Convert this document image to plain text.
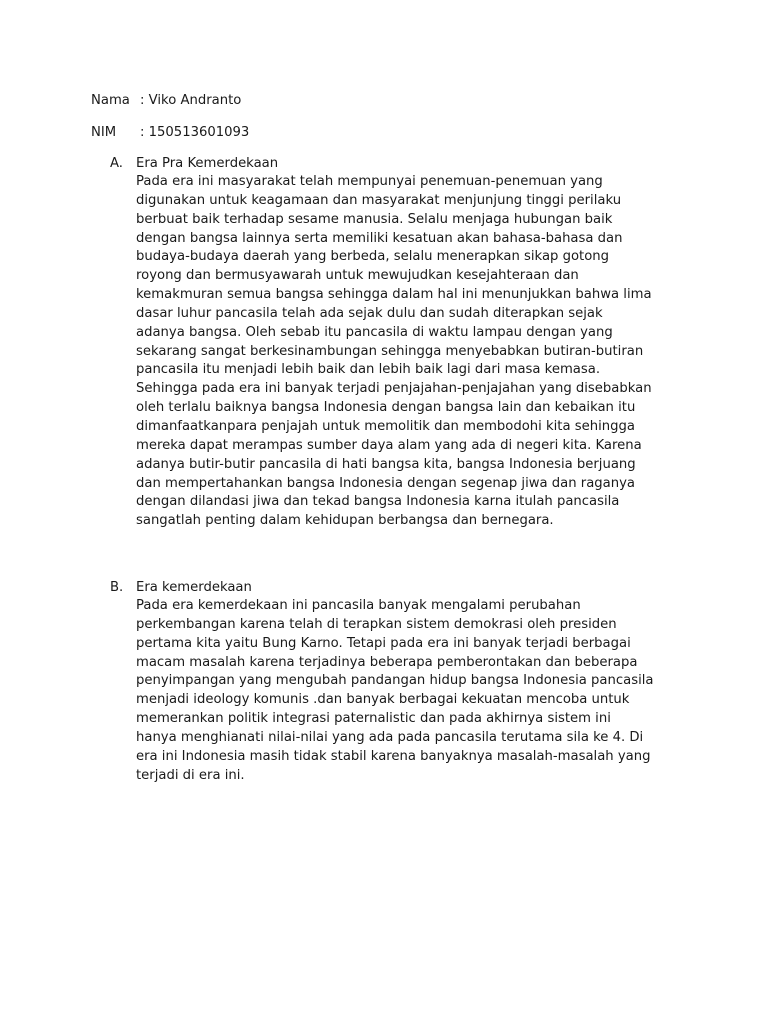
Nama : Viko Andranto
NIM : 150513601093
A. Era Pra Kemerdekaan
Pada era ini masyarakat telah mempunyai penemuan-penemuan yang
digunakan untuk keagamaan dan masyarakat menjunjung tinggi perilaku
berbuat baik terhadap sesame manusia. Selalu menjaga hubungan baik
dengan bangsa lainnya serta memiliki kesatuan akan bahasa-bahasa dan
budaya-budaya daerah yang berbeda, selalu menerapkan sikap gotong
royong dan bermusyawarah untuk mewujudkan kesejahteraan dan
kemakmuran semua bangsa sehingga dalam hal ini menunjukkan bahwa lima
dasar luhur pancasila telah ada sejak dulu dan sudah diterapkan sejak
adanya bangsa. Oleh sebab itu pancasila di waktu lampau dengan yang
sekarang sangat berkesinambungan sehingga menyebabkan butiran-butiran
pancasila itu menjadi lebih baik dan lebih baik lagi dari masa kemasa.
Sehingga pada era ini banyak terjadi penjajahan-penjajahan yang disebabkan
oleh terlalu baiknya bangsa Indonesia dengan bangsa lain dan kebaikan itu
dimanfaatkanpara penjajah untuk memolitik dan membodohi kita sehingga
mereka dapat merampas sumber daya alam yang ada di negeri kita. Karena
adanya butir-butir pancasila di hati bangsa kita, bangsa Indonesia berjuang
dan mempertahankan bangsa Indonesia dengan segenap jiwa dan raganya
dengan dilandasi jiwa dan tekad bangsa Indonesia karna itulah pancasila
sangatlah penting dalam kehidupan berbangsa dan bernegara.
B. Era kemerdekaan
Pada era kemerdekaan ini pancasila banyak mengalami perubahan
perkembangan karena telah di terapkan sistem demokrasi oleh presiden
pertama kita yaitu Bung Karno. Tetapi pada era ini banyak terjadi berbagai
macam masalah karena terjadinya beberapa pemberontakan dan beberapa
penyimpangan yang mengubah pandangan hidup bangsa Indonesia pancasila
menjadi ideology komunis .dan banyak berbagai kekuatan mencoba untuk
memerankan politik integrasi paternalistic dan pada akhirnya sistem ini
hanya menghianati nilai-nilai yang ada pada pancasila terutama sila ke 4. Di
era ini Indonesia masih tidak stabil karena banyaknya masalah-masalah yang
terjadi di era ini.
